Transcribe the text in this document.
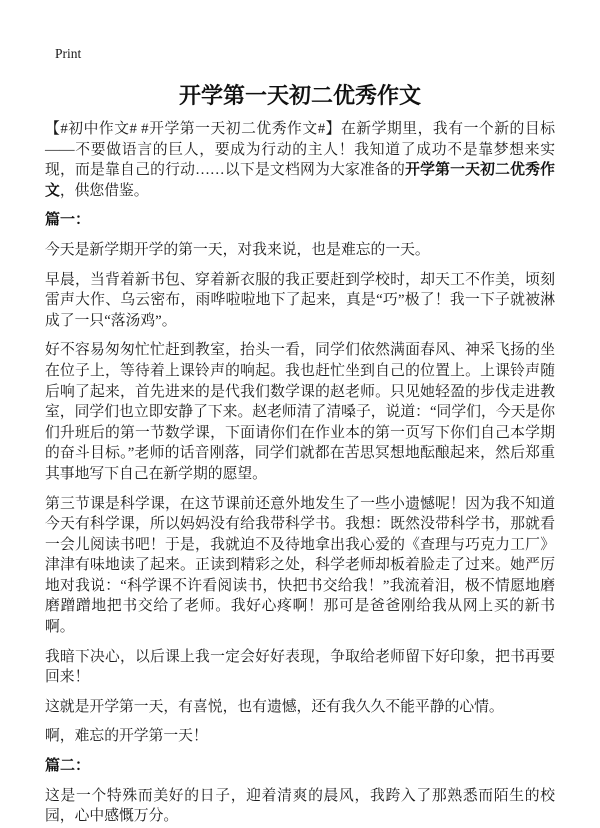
Print
开学第一天初二优秀作文

【#初中作文# #开学第一天初二优秀作文#】在新学期里，我有一个新的目标——不要做语言的巨人，要成为行动的主人！我知道了成功不是靠梦想来实现，而是靠自己的行动……以下是文档网为大家准备的开学第一天初二优秀作文，供您借鉴。

篇一：

今天是新学期开学的第一天，对我来说，也是难忘的一天。

早晨，当背着新书包、穿着新衣服的我正要赶到学校时，却天工不作美，顷刻雷声大作、乌云密布，雨哗啦啦地下了起来，真是“巧”极了！我一下子就被淋成了一只“落汤鸡”。

好不容易匆匆忙忙赶到教室，抬头一看，同学们依然满面春风、神采飞扬的坐在位子上，等待着上课铃声的响起。我也赶忙坐到自己的位置上。上课铃声随后响了起来，首先进来的是代我们数学课的赵老师。只见她轻盈的步伐走进教室，同学们也立即安静了下来。赵老师清了清嗓子，说道：“同学们，今天是你们升班后的第一节数学课，下面请你们在作业本的第一页写下你们自己本学期的奋斗目标。”老师的话音刚落，同学们就都在苦思冥想地酝酿起来，然后郑重其事地写下自己在新学期的愿望。

第三节课是科学课，在这节课前还意外地发生了一些小遗憾呢！因为我不知道今天有科学课，所以妈妈没有给我带科学书。我想：既然没带科学书，那就看一会儿阅读书吧！于是，我就迫不及待地拿出我心爱的《查理与巧克力工厂》津津有味地读了起来。正读到精彩之处，科学老师却板着脸走了过来。她严厉地对我说：“科学课不许看阅读书，快把书交给我！”我流着泪，极不情愿地磨磨蹭蹭地把书交给了老师。我好心疼啊！那可是爸爸刚给我从网上买的新书啊。

我暗下决心，以后课上我一定会好好表现，争取给老师留下好印象，把书再要回来！

这就是开学第一天，有喜悦，也有遗憾，还有我久久不能平静的心情。

啊，难忘的开学第一天！

篇二：

这是一个特殊而美好的日子，迎着清爽的晨风，我跨入了那熟悉而陌生的校园，心中感慨万分。
